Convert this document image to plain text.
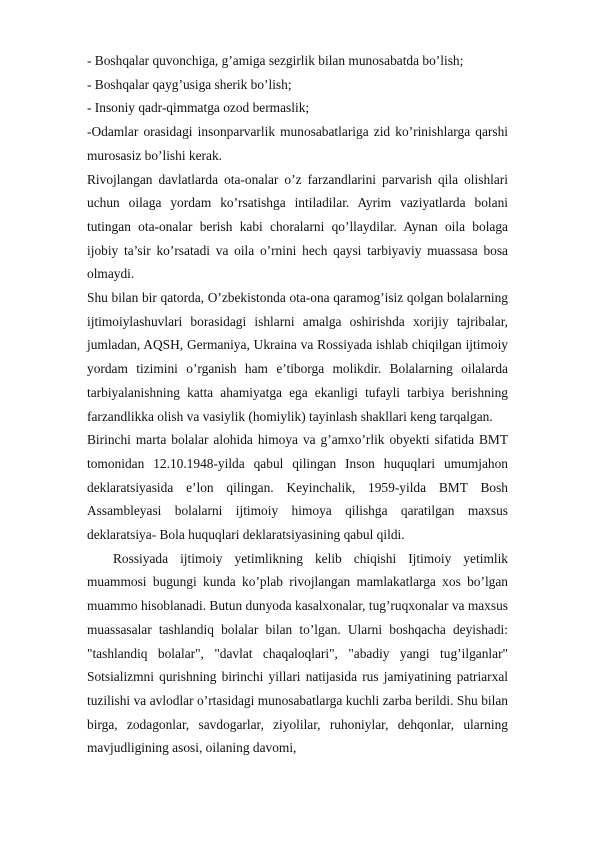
- Boshqalar quvonchiga, g’amiga sezgirlik bilan munosabatda bo’lish;

- Boshqalar qayg’usiga sherik bo’lish;

- Insoniy qadr-qimmatga ozod bermaslik;

-Odamlar orasidagi insonparvarlik munosabatlariga zid ko’rinishlarga qarshi murosasiz bo’lishi kerak.

Rivojlangan davlatlarda ota-onalar o’z farzandlarini parvarish qila olishlari uchun oilaga yordam ko’rsatishga intiladilar. Ayrim vaziyatlarda bolani tutingan ota-onalar berish kabi choralarni qo’llaydilar. Aynan oila bolaga ijobiy ta’sir ko’rsatadi va oila o’rnini hech qaysi tarbiyaviy muassasa bosa olmaydi.

Shu bilan bir qatorda, O’zbekistonda ota-ona qaramog’isiz qolgan bolalarning ijtimoiylashuvlari borasidagi ishlarni amalga oshirishda xorijiy tajribalar, jumladan, AQSH, Germaniya, Ukraina va Rossiyada ishlab chiqilgan ijtimoiy yordam tizimini o’rganish ham e’tiborga molikdir. Bolalarning oilalarda tarbiyalanishning katta ahamiyatga ega ekanligi tufayli tarbiya berishning farzandlikka olish va vasiylik (homiylik) tayinlash shakllari keng tarqalgan.

Birinchi marta bolalar alohida himoya va g’amxo’rlik obyekti sifatida BMT tomonidan 12.10.1948-yilda qabul qilingan Inson huquqlari umumjahon deklaratsiyasida e’lon qilingan. Keyinchalik, 1959-yilda BMT Bosh Assambleyasi bolalarni ijtimoiy himoya qilishga qaratilgan maxsus deklaratsiya- Bola huquqlari deklaratsiyasining qabul qildi.

Rossiyada ijtimoiy yetimlikning kelib chiqishi Ijtimoiy yetimlik muammosi bugungi kunda ko’plab rivojlangan mamlakatlarga xos bo’lgan muammo hisoblanadi. Butun dunyoda kasalxonalar, tug’ruqxonalar va maxsus muassasalar tashlandiq bolalar bilan to’lgan. Ularni boshqacha deyishadi: "tashlandiq bolalar", "davlat chaqaloqlari", "abadiy yangi tug’ilganlar" Sotsializmni qurishning birinchi yillari natijasida rus jamiyatining patriarxal tuzilishi va avlodlar o’rtasidagi munosabatlarga kuchli zarba berildi. Shu bilan birga, zodagonlar, savdogarlar, ziyolilar, ruhoniylar, dehqonlar, ularning mavjudligining asosi, oilaning davomi,
